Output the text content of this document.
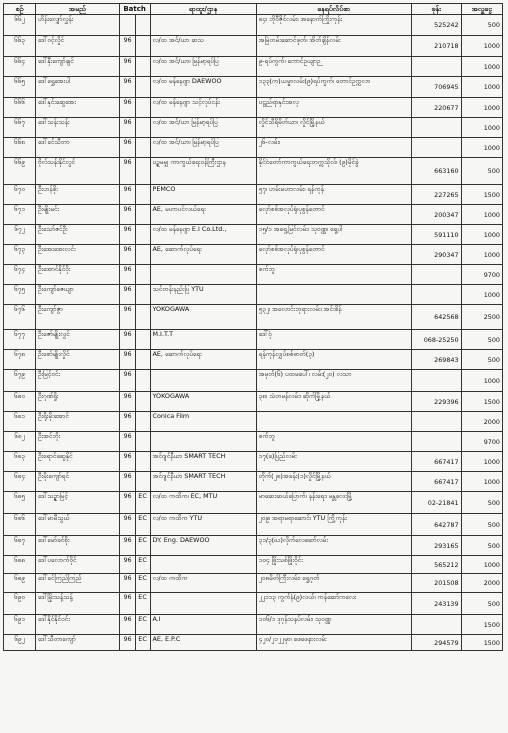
စဥ်	အမည်	Batch		ရာထူး/ဌာန	နေရပ်လိပ်စာ	ဖုန်း	အလှူငွေ
၆၆၂	ဟိန်းလျှော်လွှန်း				၈၄၊ ဘိုဝီဇိုင်လမ်း၊ အနောက်ကြိုးကုန်း	525242	500
၆၆၃	ဒေါ်ဝင့်လှိုင်	96		လ/ထ အင်/ယာ ဆသ	အမြဲတမ်းဆောင်ဖုတ်၊ အိတ်ချိန်လမ်း	210718	1000
၆၆၄	ဒေါ်နှီးကျော်ချင်	96		လ/ထ အင်/ယာ၊ မြန်မာ့ရပ်ပြ	၉-ရပ်ကွက်၊ ကောင်ဥယျာဉ		1000
၆၆၅	ဒေါ်ရွှေအေးပါ	96		လ/ထ မန်နေဂျာ DAEWOO	၁၃၃(က)ယမ္မာလမ်း(၉)ရပ်ကွက်၊ တောင်ဥက္ကလာ	706945	1000
၆၆၆	ဒေါ်နှင်းဆွေအေး	96		လ/ထ မန်နေဂျာ သင့်လုပ်ငန်း	ပဋ္ဌည်ရာနှင်းအလှ	220677	1000
၆၆၇	ဒေါ်သန်းသန်း	96		လ/ထ အင်/ယာ မြန်မာ့ရပ်ပြ	လှိုင်သီရိမိတ်ယာ၊ လှိုင်မြို့နယ်		1000
၆၆၈	ဒေါ်ခင်သီတာ	96		လ/ထ အင်/ယာ၊ မြန်မာ့ရပ်ပြ	၂၆-လမ်း၊		1000
၆၆၉	ဗိုလ်သန်းနိုင်လွင်	96		ပဉ္စမမျှ ကာကွယ်ရေးဝန်ကြီးဌာန	နိုင်ငံတော်ကာကွယ်ရေးတက္ကသိုလ်၊ (၉)မိုင်ခွဲ	663160	500
၆၇၀	ဦးဟန်စိုး	96		PEMCO	၅၇၊ ဟမ်းမဟာလမ်း၊ ရန်ကုန်	227265	1500
၆၇၁	ဦးမျိုးမင်း	96		AE, မဟာပင်လယ်ရေး	လှော်စစ်အလုပ်ရုံ၊ပုစွန်တောင်	200347	1000
၆၇၂	ဦးသော်ဇင်ဦး	96		လ/ထ မန်နေဂျာ E.I Co.Ltd.,	၁၅/၁ အရှေ့မြင်လမ်း၊ သုဝဏ္ဏ၊ ရှေ့ပါ	591110	1000
၆၇၃	ဦးအေးအေးလင်း	96		AE, ဆောက်လုပ်ရေး	လှော်စစ်အလုပ်ရုံ၊ပုစွန်တောင်	290347	1000
၆၇၄	ဦးအောင်နိုင်ဝိုး	96			စက်ဘူ		9700
၆၇၅	ဦးကျော်ဇေယျာ	96		သင်တန်းနည်းပြ YTU			1000
၆၇၆	ဦးကျော်ဇွာ	96		YOKOGAWA	၅၃၂၊ အလောင်းဘုရားလမ်း၊ အင်းစိန်	642568	2500
၆၇၇	ဦးဇော်မျိုးလွင်	96		M.I.T.T	ဒေါ်ဝုံ	068-25250	500
၆၇၈	ဦးစော်မျိုးလှိုင်	96		AE, ဆောက်လုပ်ရေး	ရန်ကုန်လျှပ်စစ်ဓာတ်(၃)	269843	500
၆၇၉	ဦးမြင့်ဝင်း	96			အမှတ်(၆) ပထမပေါ်၊ လမ်း(၂၀) လသာ		1000
၆၈၀	ဦးဂုဏ်ရှိုး	96		YOKOGAWA	၃၈၊ သံတမန်လမ်း၊ ဆိုက်မြို့နယ်	229396	1500
၆၈၁	ဦးရိုးမိုးအောင်	96		Conica Film			2000
၆၈၂	ဦးအင်ဘိုး	96			စက်ဘူ		9700
၆၈၃	ဦးရောင်ဆွေနိုင်	96		အင်ဂျင်နီယာ SMART TECH	၁၇(ခ)ပြည်လမ်း	667417	1000
၆၈၄	ဦးမိုးကျော်ရင်	96		အင်ဂျင်နီယာ SMART TECH	တိုက်(၂၈)အခန်း(၁)လှိုင်မြို့နယ်	667417	1000
၆၈၅	ဒေါ်သဉ္ဇာမြင့်	96	EC	လ/ထ ကထိက၊ EC, MTU	မာဆေးဆယ်ပြောက်၊ နန်းရေး၊ မန္တလေးမြို့	02-21841	500
၆၈၆	ဒေါ်မာမီသွယ်	96	EC	လ/ထ ကထိက YTU	၂၀၉၊ အရာမရာဆောင်၊ YTU ကြို့ကုန်း	642787	500
၆၈၇	ဒေါ်မော်ခင်စိုး	96	EC	DY. Eng. DAEWOO	၃၁/၃(ဃ)လိုက်လေဆော်လမ်း	293165	500
၆၈၈	ဒေါ်ပလောက်ဝိုင်	96	EC		၁၀၄ ဖြိုးသစ်ဖြိုးဝိုင်း	565212	1000
၆၈၉	ဒေါ်ခင်ကြည်ကြည်	96	EC	လ/ထ ကထိက	၂၀၈မိတ်ကြီးလမ်း၊ ရွှေဂုတ်	201508	2000
၆၉၀	ဒေါ်မြိုးသန့်သန့်	96	EC		၂၂၁၁၃ ကွက်နံ(၉)လယ်၊ ကန်ဆော်ကလေး	243139	500
၆၉၁	ဒေါ်နိုင်နိုင်ဝင်း	96	EC	A.I	၁၀၆/၁ ဒုဂုန်သနပ်လမ်း၊ သုဝဏ္ဏ		1500
၆၉၂	ဒေါ်သီတာကျော်	96	EC	AE, E.P.C	၄၂၀/၂၁၂၂မှာ၊ ဖေဖေနားလမ်း	294579	1500
